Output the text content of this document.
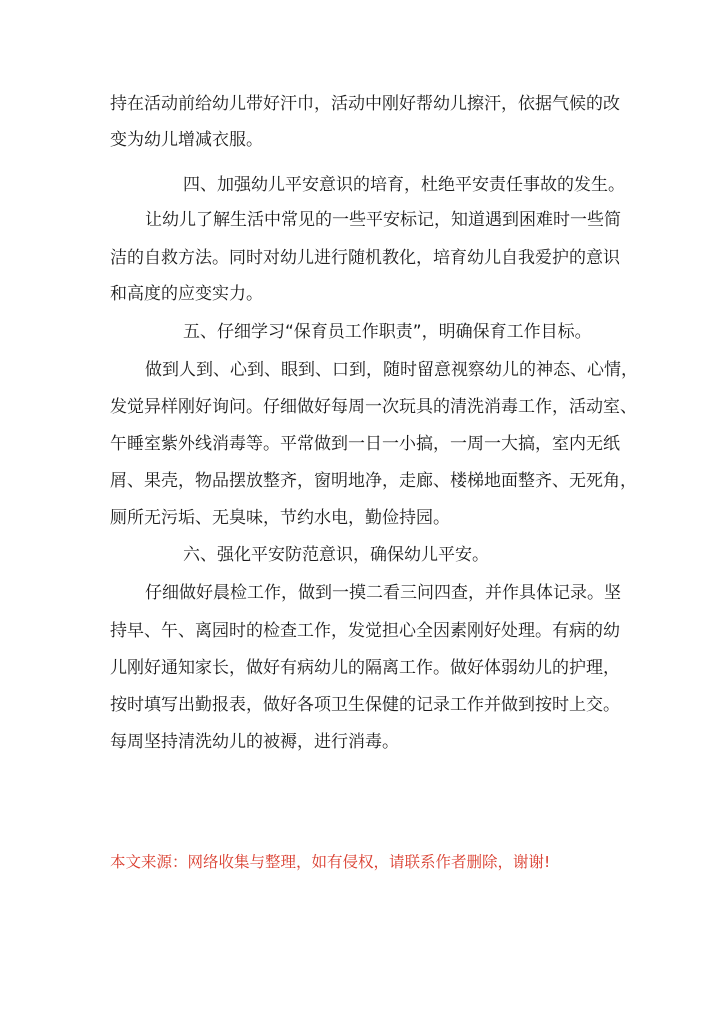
持在活动前给幼儿带好汗巾，活动中刚好帮幼儿擦汗，依据气候的改
变为幼儿增减衣服。
四、加强幼儿平安意识的培育，杜绝平安责任事故的发生。
让幼儿了解生活中常见的一些平安标记，知道遇到困难时一些简
洁的自救方法。同时对幼儿进行随机教化，培育幼儿自我爱护的意识
和高度的应变实力。
五、仔细学习“保育员工作职责”，明确保育工作目标。
做到人到、心到、眼到、口到，随时留意视察幼儿的神态、心情，
发觉异样刚好询问。仔细做好每周一次玩具的清洗消毒工作，活动室、
午睡室紫外线消毒等。平常做到一日一小搞，一周一大搞，室内无纸
屑、果壳，物品摆放整齐，窗明地净，走廊、楼梯地面整齐、无死角，
厕所无污垢、无臭味，节约水电，勤俭持园。
六、强化平安防范意识，确保幼儿平安。
仔细做好晨检工作，做到一摸二看三问四查，并作具体记录。坚
持早、午、离园时的检查工作，发觉担心全因素刚好处理。有病的幼
儿刚好通知家长，做好有病幼儿的隔离工作。做好体弱幼儿的护理，
按时填写出勤报表，做好各项卫生保健的记录工作并做到按时上交。
每周坚持清洗幼儿的被褥，进行消毒。
本文来源：网络收集与整理，如有侵权，请联系作者删除，谢谢!
